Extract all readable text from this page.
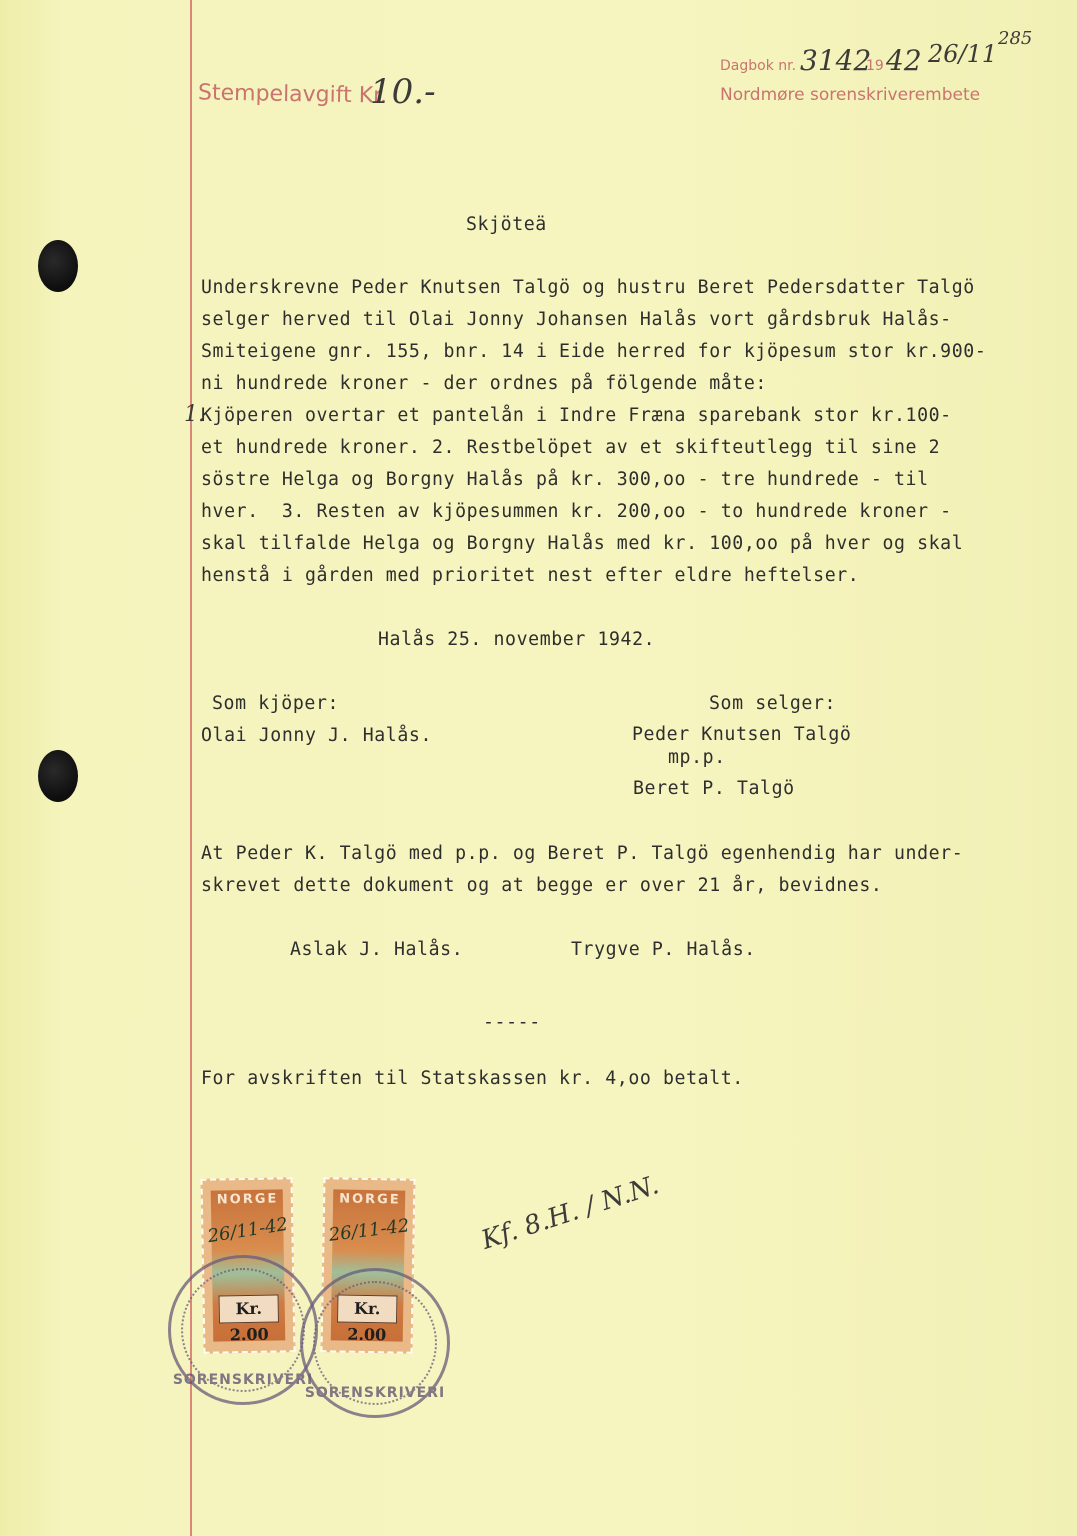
Stempelavgift Kr.
10.-
Dagbok nr. 3142
19 42 26/11
285
Nordmøre sorenskriverembete
Skjöteä
Underskrevne Peder Knutsen Talgö og hustru Beret Pedersdatter Talgö
selger herved til Olai Jonny Johansen Halås vort gårdsbruk Halås-
Smiteigene gnr. 155, bnr. 14 i Eide herred for kjöpesum stor kr.900-
ni hundrede kroner - der ordnes på fölgende måte:
1.
Kjöperen overtar et pantelån i Indre Fræna sparebank stor kr.100-
et hundrede kroner. 2. Restbelöpet av et skifteutlegg til sine 2
söstre Helga og Borgny Halås på kr. 300,oo - tre hundrede - til
hver.  3. Resten av kjöpesummen kr. 200,oo - to hundrede kroner -
skal tilfalde Helga og Borgny Halås med kr. 100,oo på hver og skal
henstå i gården med prioritet nest efter eldre heftelser.
Halås 25. november 1942.
Som kjöper:
Olai Jonny J. Halås.
Som selger:
Peder Knutsen Talgö
mp.p.
Beret P. Talgö
At Peder K. Talgö med p.p. og Beret P. Talgö egenhendig har under-
skrevet dette dokument og at begge er over 21 år, bevidnes.
Aslak J. Halås.	Trygve P. Halås.
-----
For avskriften til Statskassen kr. 4,oo betalt.
NORGE
Kr. 2.00
26/11-42
NORGE
Kr. 2.00
26/11-42
SORENSKRIVERI
SORENSKRIVERI
Kf. 8.H. / N.N.
